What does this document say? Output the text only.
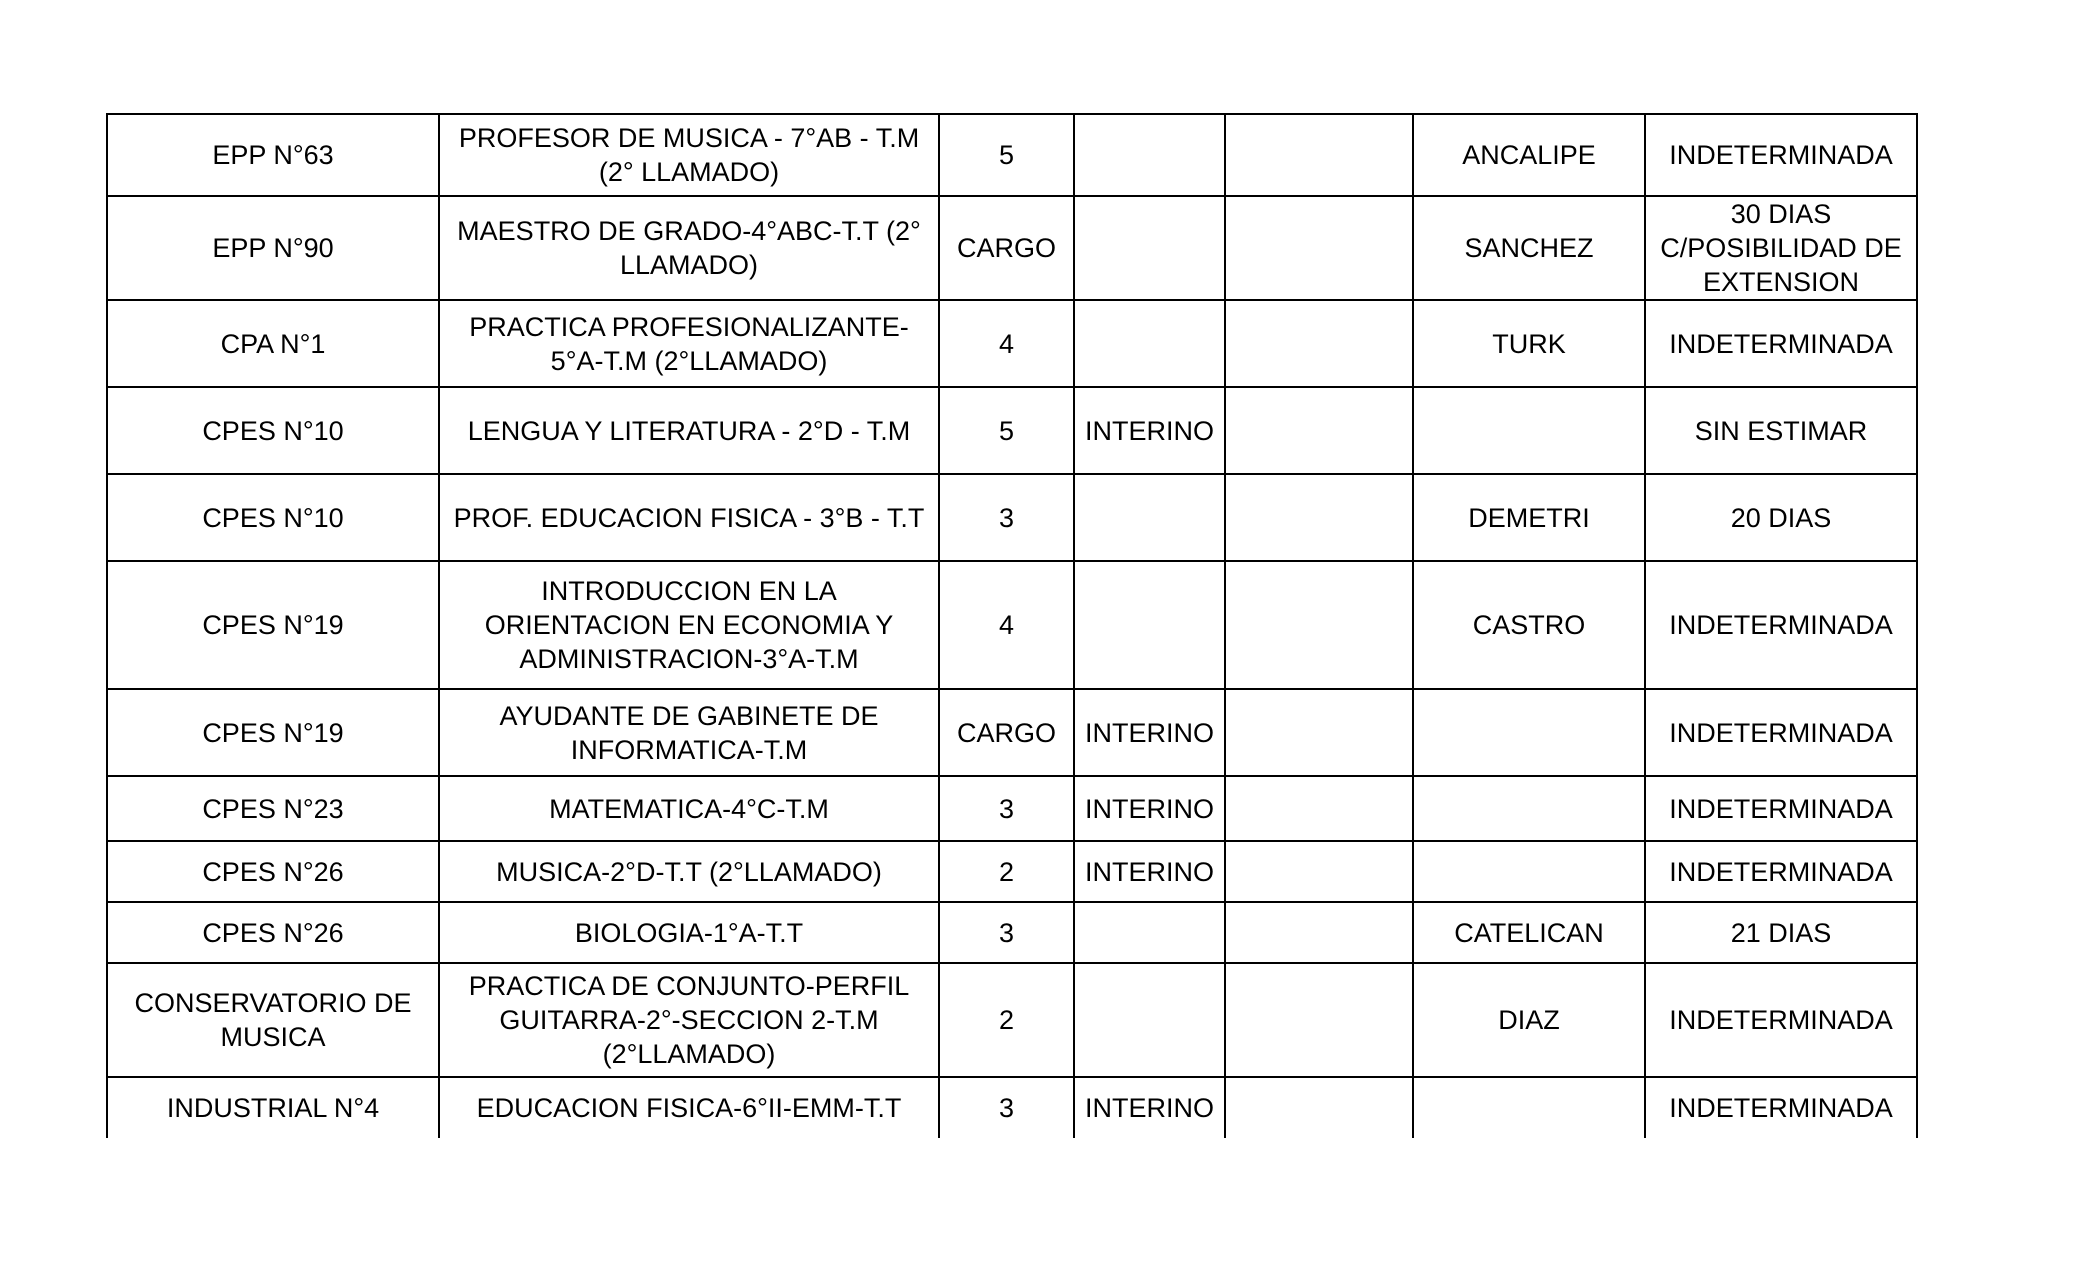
EPP N°63	PROFESOR DE MUSICA - 7°AB - T.M (2° LLAMADO)	5			ANCALIPE	INDETERMINADA
EPP N°90	MAESTRO DE GRADO-4°ABC-T.T (2° LLAMADO)	CARGO			SANCHEZ	30 DIAS C/POSIBILIDAD DE EXTENSION
CPA N°1	PRACTICA PROFESIONALIZANTE-5°A-T.M (2°LLAMADO)	4			TURK	INDETERMINADA
CPES N°10	LENGUA Y LITERATURA - 2°D - T.M	5	INTERINO			SIN ESTIMAR
CPES N°10	PROF. EDUCACION FISICA - 3°B - T.T	3			DEMETRI	20 DIAS
CPES N°19	INTRODUCCION EN LA ORIENTACION EN ECONOMIA Y ADMINISTRACION-3°A-T.M	4			CASTRO	INDETERMINADA
CPES N°19	AYUDANTE DE GABINETE DE INFORMATICA-T.M	CARGO	INTERINO			INDETERMINADA
CPES N°23	MATEMATICA-4°C-T.M	3	INTERINO			INDETERMINADA
CPES N°26	MUSICA-2°D-T.T (2°LLAMADO)	2	INTERINO			INDETERMINADA
CPES N°26	BIOLOGIA-1°A-T.T	3			CATELICAN	21 DIAS
CONSERVATORIO DE MUSICA	PRACTICA DE CONJUNTO-PERFIL GUITARRA-2°-SECCION 2-T.M (2°LLAMADO)	2			DIAZ	INDETERMINADA
INDUSTRIAL N°4	EDUCACION FISICA-6°II-EMM-T.T	3	INTERINO			INDETERMINADA
